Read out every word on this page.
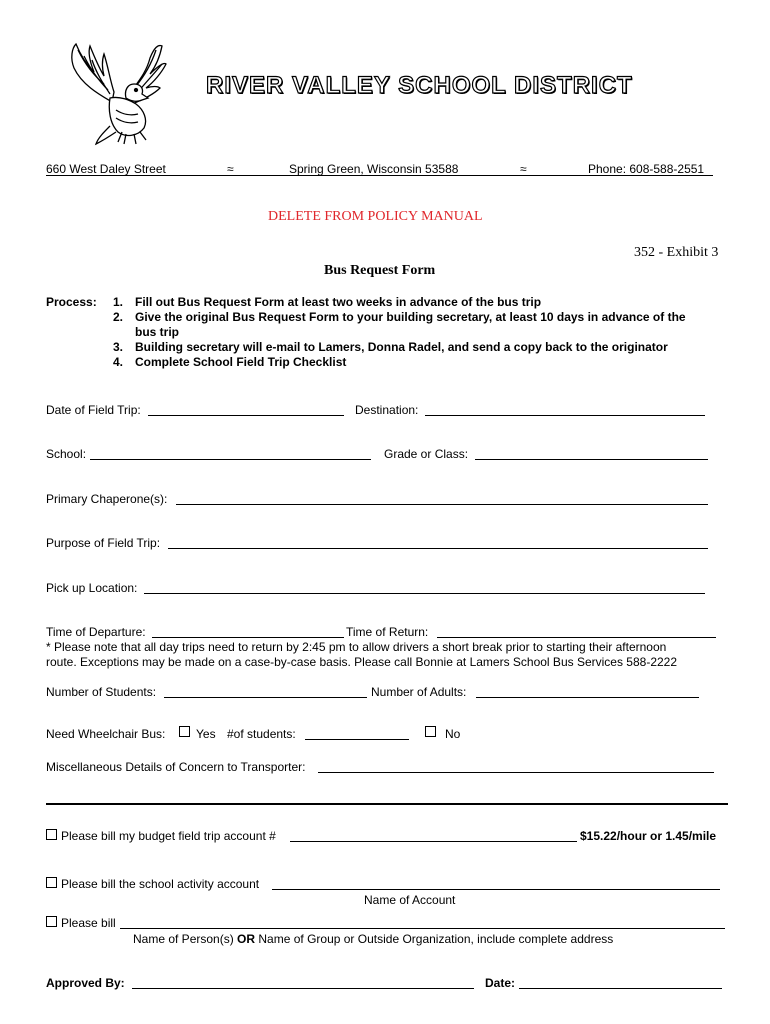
RIVER VALLEY SCHOOL DISTRICT
660 West Daley Street	≈	Spring Green, Wisconsin 53588	≈	Phone: 608-588-2551
DELETE FROM POLICY MANUAL
352 - Exhibit 3
Bus Request Form
Process: 1. Fill out Bus Request Form at least two weeks in advance of the bus trip
2. Give the original Bus Request Form to your building secretary, at least 10 days in advance of the
bus trip
3. Building secretary will e-mail to Lamers, Donna Radel, and send a copy back to the originator
4. Complete School Field Trip Checklist
Date of Field Trip:	Destination:
School:	Grade or Class:
Primary Chaperone(s):
Purpose of Field Trip:
Pick up Location:
Time of Departure:	Time of Return:
* Please note that all day trips need to return by 2:45 pm to allow drivers a short break prior to starting their afternoon
route. Exceptions may be made on a case-by-case basis. Please call Bonnie at Lamers School Bus Services 588-2222
Number of Students:	Number of Adults:
Need Wheelchair Bus:	Yes #of students:	No
Miscellaneous Details of Concern to Transporter:
Please bill my budget field trip account #	$15.22/hour or 1.45/mile
Please bill the school activity account
Name of Account
Please bill
Name of Person(s) OR Name of Group or Outside Organization, include complete address
Approved By:	Date:
